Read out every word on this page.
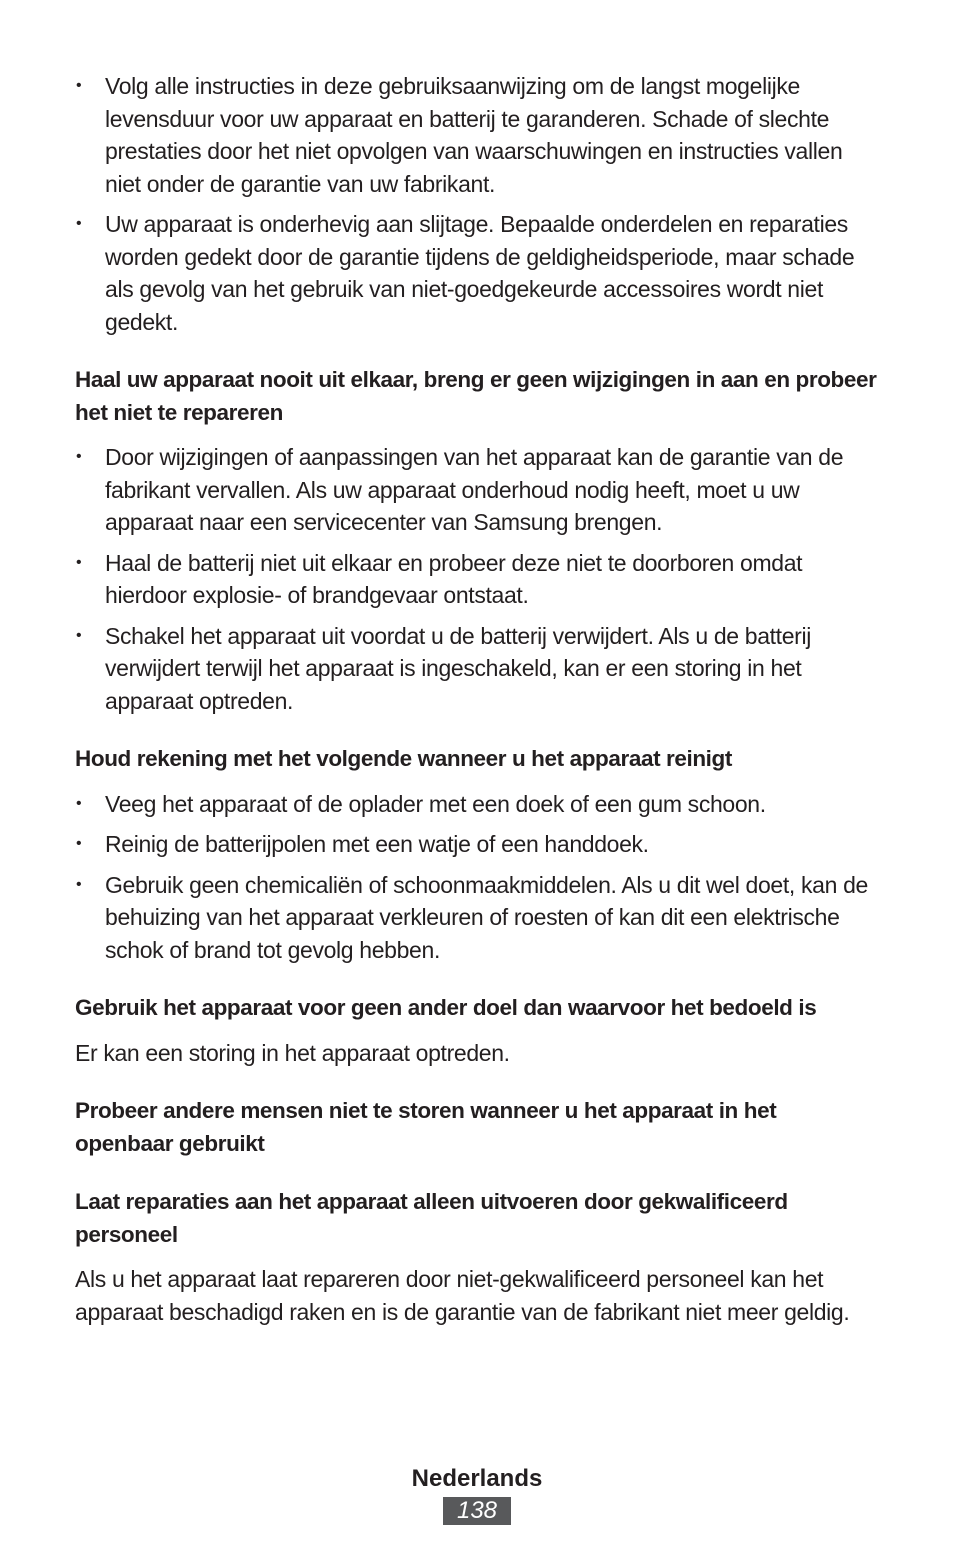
• Volg alle instructies in deze gebruiksaanwijzing om de langst mogelijke levensduur voor uw apparaat en batterij te garanderen. Schade of slechte prestaties door het niet opvolgen van waarschuwingen en instructies vallen niet onder de garantie van uw fabrikant.
• Uw apparaat is onderhevig aan slijtage. Bepaalde onderdelen en reparaties worden gedekt door de garantie tijdens de geldigheidsperiode, maar schade als gevolg van het gebruik van niet-goedgekeurde accessoires wordt niet gedekt.
Haal uw apparaat nooit uit elkaar, breng er geen wijzigingen in aan en probeer het niet te repareren
• Door wijzigingen of aanpassingen van het apparaat kan de garantie van de fabrikant vervallen. Als uw apparaat onderhoud nodig heeft, moet u uw apparaat naar een servicecenter van Samsung brengen.
• Haal de batterij niet uit elkaar en probeer deze niet te doorboren omdat hierdoor explosie- of brandgevaar ontstaat.
• Schakel het apparaat uit voordat u de batterij verwijdert. Als u de batterij verwijdert terwijl het apparaat is ingeschakeld, kan er een storing in het apparaat optreden.
Houd rekening met het volgende wanneer u het apparaat reinigt
• Veeg het apparaat of de oplader met een doek of een gum schoon.
• Reinig de batterijpolen met een watje of een handdoek.
• Gebruik geen chemicaliën of schoonmaakmiddelen. Als u dit wel doet, kan de behuizing van het apparaat verkleuren of roesten of kan dit een elektrische schok of brand tot gevolg hebben.
Gebruik het apparaat voor geen ander doel dan waarvoor het bedoeld is

Er kan een storing in het apparaat optreden.

Probeer andere mensen niet te storen wanneer u het apparaat in het openbaar gebruikt
Laat reparaties aan het apparaat alleen uitvoeren door gekwalificeerd personeel

Als u het apparaat laat repareren door niet-gekwalificeerd personeel kan het apparaat beschadigd raken en is de garantie van de fabrikant niet meer geldig.

Nederlands
138
